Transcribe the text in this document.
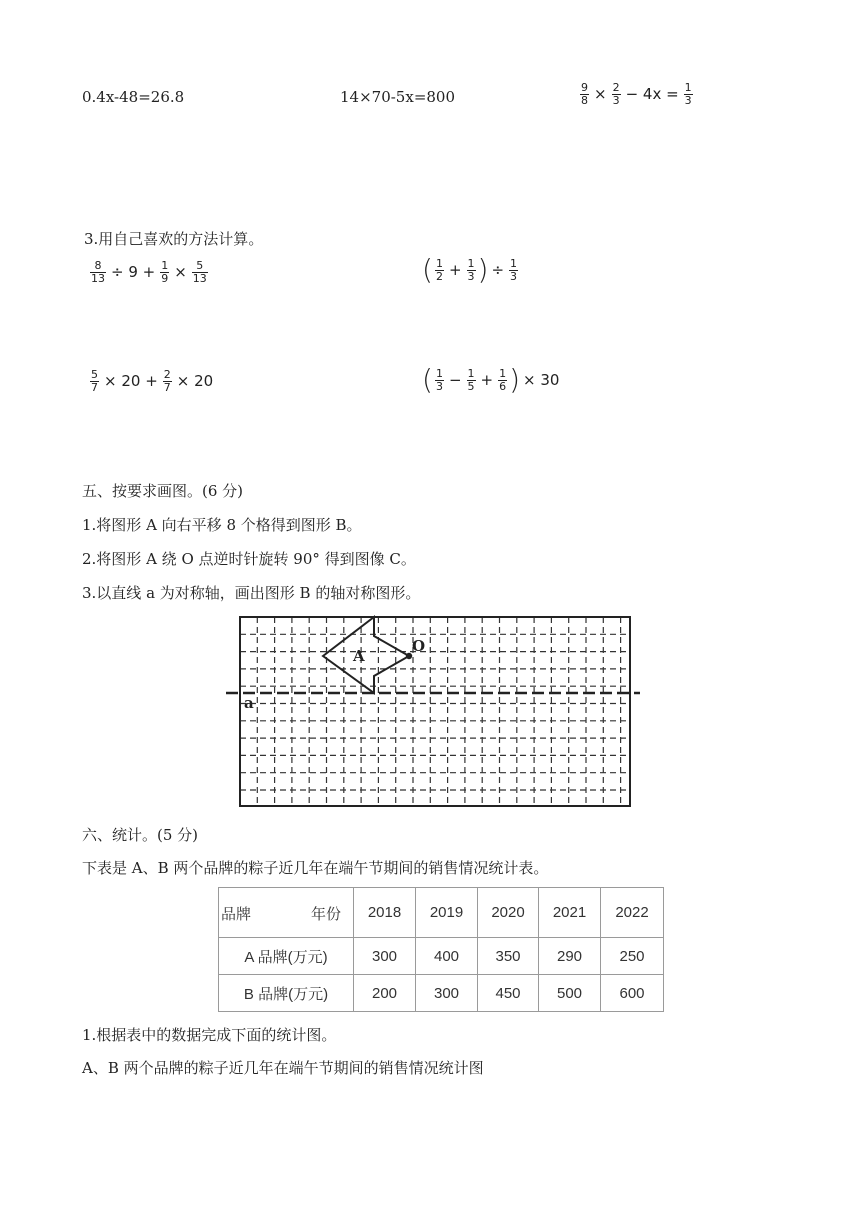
0.4x-48=26.8	14×70-5x=800	$\frac{9}{8} \times \frac{2}{3} - 4x = \frac{1}{3}$
3.用自己喜欢的方法计算。
$\frac{8}{13} \div 9 + \frac{1}{9} \times \frac{5}{13}$	( $\frac{1}{2} + \frac{1}{3}$ ) ÷ $\frac{1}{3}$
$\frac{5}{7} \times 20 + \frac{2}{7} \times 20$	( $\frac{1}{3} - \frac{1}{5} + \frac{1}{6}$ ) × 30
五、按要求画图。(6 分)
1.将图形 A 向右平移 8 个格得到图形 B。
2.将图形 A 绕 O 点逆时针旋转 90° 得到图像 C。
3.以直线 a 为对称轴，画出图形 B 的轴对称图形。
A
O
a
六、统计。(5 分)
下表是 A、B 两个品牌的粽子近几年在端午节期间的销售情况统计表。
品牌 年份	2018	2019	2020	2021	2022
A 品牌(万元)	300	400	350	290	250
B 品牌(万元)	200	300	450	500	600
1.根据表中的数据完成下面的统计图。
A、B 两个品牌的粽子近几年在端午节期间的销售情况统计图
